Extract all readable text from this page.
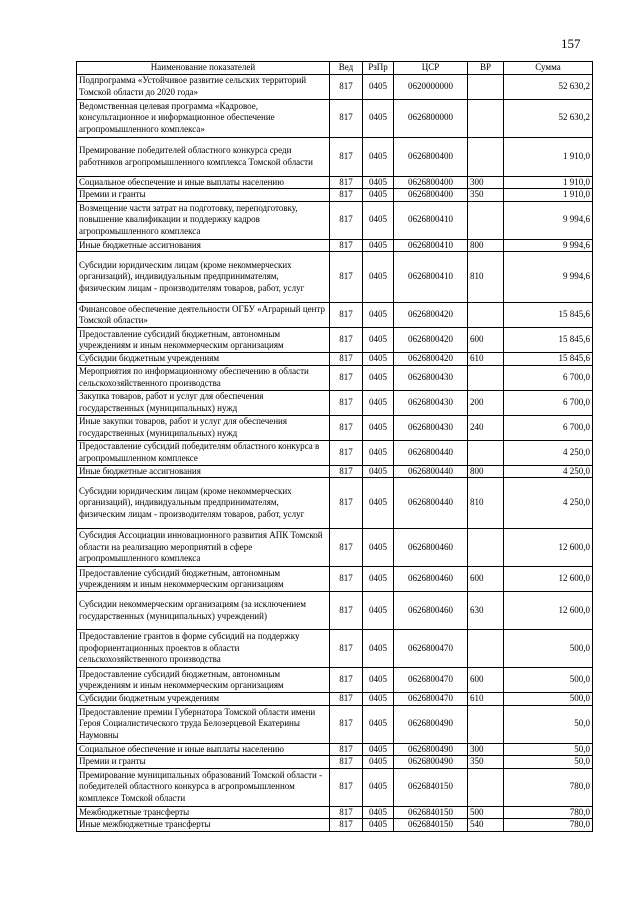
157
Наименование показателей	Вед	РзПр	ЦСР	ВР	Сумма
Подпрограмма «Устойчивое развитие сельских территорий Томской области до 2020 года»	817	0405	0620000000		52 630,2
Ведомственная целевая программа «Кадровое, консультационное и информационное обеспечение агропромышленного комплекса»	817	0405	0626800000		52 630,2
Премирование победителей областного конкурса среди работников агропромышленного комплекса Томской области	817	0405	0626800400		1 910,0
Социальное обеспечение и иные выплаты населению	817	0405	0626800400	300	1 910,0
Премии и гранты	817	0405	0626800400	350	1 910,0
Возмещение части затрат на подготовку, переподготовку, повышение квалификации и поддержку кадров агропромышленного комплекса	817	0405	0626800410		9 994,6
Иные бюджетные ассигнования	817	0405	0626800410	800	9 994,6
Субсидии юридическим лицам (кроме некоммерческих организаций), индивидуальным предпринимателям, физическим лицам - производителям товаров, работ, услуг	817	0405	0626800410	810	9 994,6
Финансовое обеспечение деятельности ОГБУ «Аграрный центр Томской области»	817	0405	0626800420		15 845,6
Предоставление субсидий бюджетным, автономным учреждениям и иным некоммерческим организациям	817	0405	0626800420	600	15 845,6
Субсидии бюджетным учреждениям	817	0405	0626800420	610	15 845,6
Мероприятия по информационному обеспечению в области сельскохозяйственного производства	817	0405	0626800430		6 700,0
Закупка товаров, работ и услуг для обеспечения государственных (муниципальных) нужд	817	0405	0626800430	200	6 700,0
Иные закупки товаров, работ и услуг для обеспечения государственных (муниципальных) нужд	817	0405	0626800430	240	6 700,0
Предоставление субсидий победителям областного конкурса в агропромышленном комплексе	817	0405	0626800440		4 250,0
Иные бюджетные ассигнования	817	0405	0626800440	800	4 250,0
Субсидии юридическим лицам (кроме некоммерческих организаций), индивидуальным предпринимателям, физическим лицам - производителям товаров, работ, услуг	817	0405	0626800440	810	4 250,0
Субсидия Ассоциации инновационного развития АПК Томской области на реализацию мероприятий в сфере агропромышленного комплекса	817	0405	0626800460		12 600,0
Предоставление субсидий бюджетным, автономным учреждениям и иным некоммерческим организациям	817	0405	0626800460	600	12 600,0
Субсидии некоммерческим организациям (за исключением государственных (муниципальных) учреждений)	817	0405	0626800460	630	12 600,0
Предоставление грантов в форме субсидий на поддержку профориентационных проектов в области сельскохозяйственного производства	817	0405	0626800470		500,0
Предоставление субсидий бюджетным, автономным учреждениям и иным некоммерческим организациям	817	0405	0626800470	600	500,0
Субсидии бюджетным учреждениям	817	0405	0626800470	610	500,0
Предоставление премии Губернатора Томской области имени Героя Социалистического труда Белозерцевой Екатерины Наумовны	817	0405	0626800490		50,0
Социальное обеспечение и иные выплаты населению	817	0405	0626800490	300	50,0
Премии и гранты	817	0405	0626800490	350	50,0
Премирование муниципальных образований Томской области - победителей областного конкурса в агропромышленном комплексе Томской области	817	0405	0626840150		780,0
Межбюджетные трансферты	817	0405	0626840150	500	780,0
Иные межбюджетные трансферты	817	0405	0626840150	540	780,0
